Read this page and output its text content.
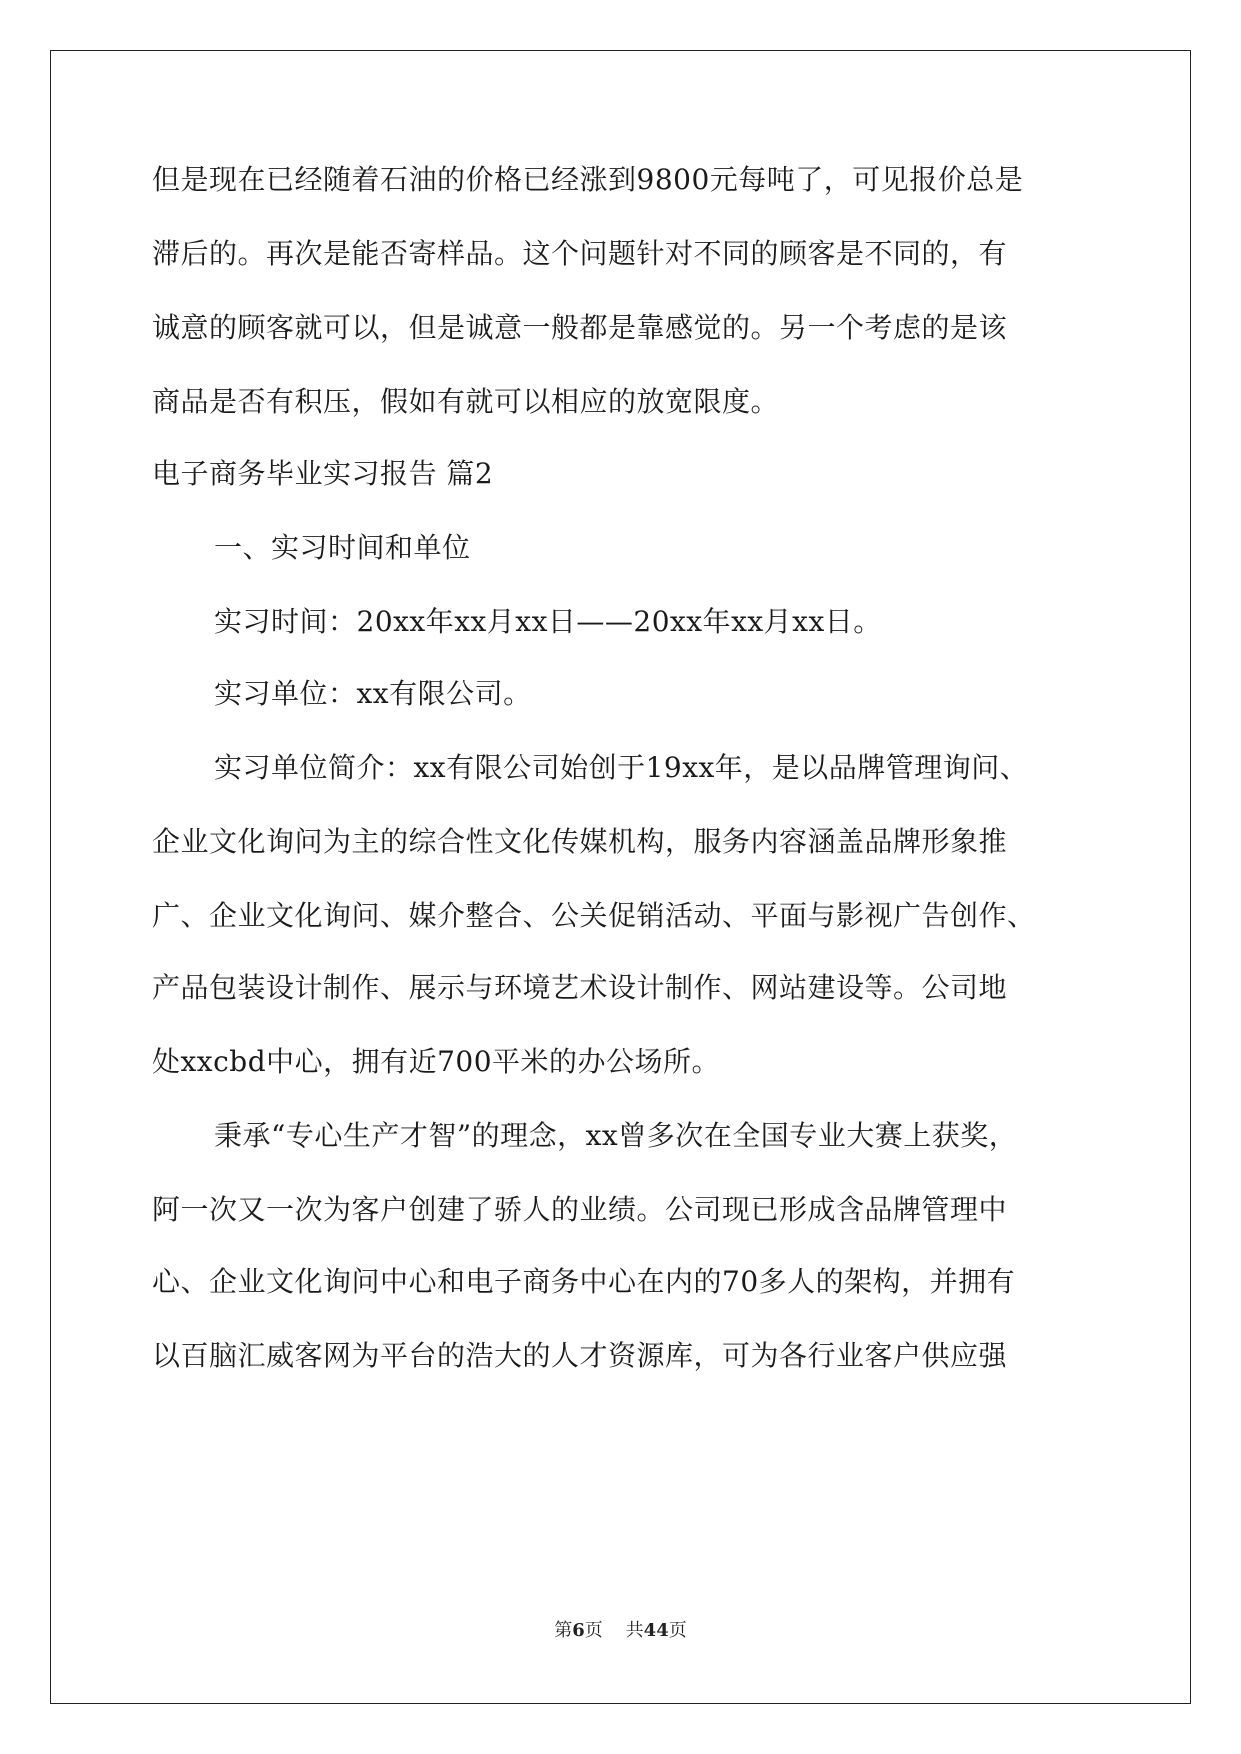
但是现在已经随着石油的价格已经涨到9800元每吨了，可见报价总是
滞后的。再次是能否寄样品。这个问题针对不同的顾客是不同的，有
诚意的顾客就可以，但是诚意一般都是靠感觉的。另一个考虑的是该
商品是否有积压，假如有就可以相应的放宽限度。
电子商务毕业实习报告 篇2
一、实习时间和单位
实习时间：20xx年xx月xx日——20xx年xx月xx日。
实习单位：xx有限公司。
实习单位简介：xx有限公司始创于19xx年，是以品牌管理询问、
企业文化询问为主的综合性文化传媒机构，服务内容涵盖品牌形象推
广、企业文化询问、媒介整合、公关促销活动、平面与影视广告创作、
产品包装设计制作、展示与环境艺术设计制作、网站建设等。公司地
处xxcbd中心，拥有近700平米的办公场所。
秉承“专心生产才智”的理念，xx曾多次在全国专业大赛上获奖，
阿一次又一次为客户创建了骄人的业绩。公司现已形成含品牌管理中
心、企业文化询问中心和电子商务中心在内的70多人的架构，并拥有
以百脑汇威客网为平台的浩大的人才资源库，可为各行业客户供应强
第6页 共44页
